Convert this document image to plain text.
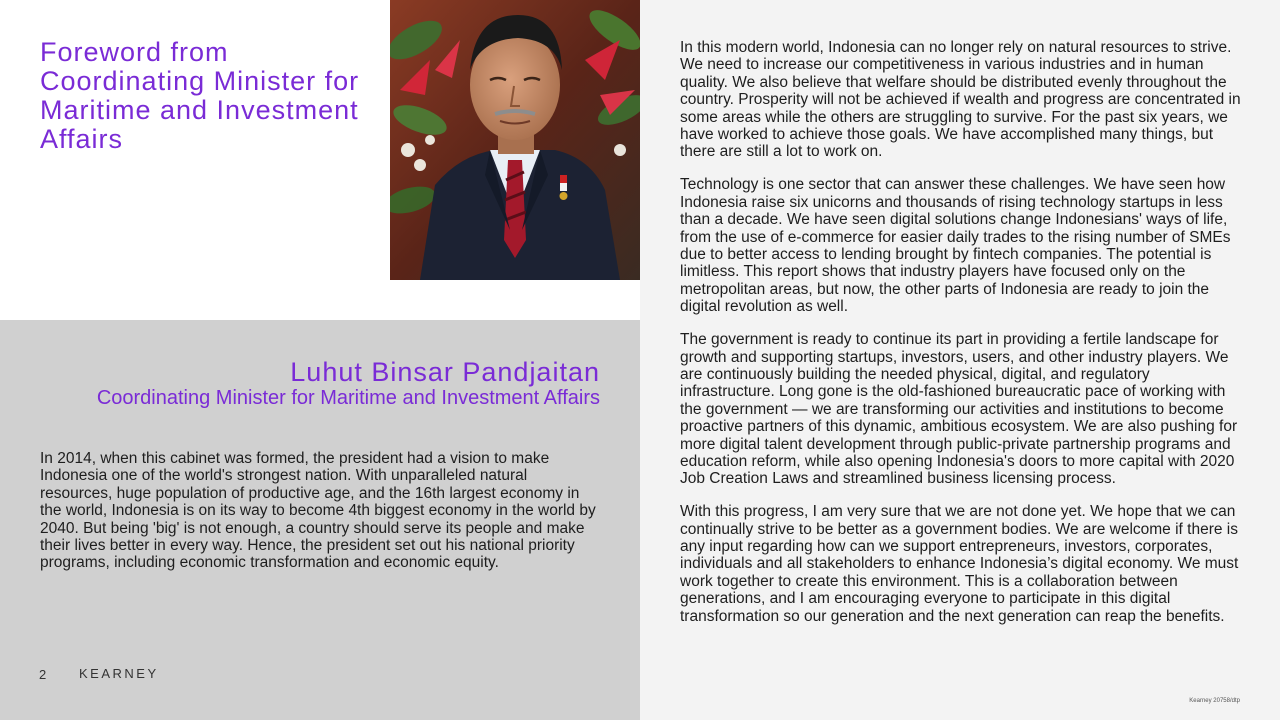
Foreword from Coordinating Minister for Maritime and Investment Affairs
Luhut Binsar Pandjaitan
Coordinating Minister for Maritime and Investment Affairs

In 2014, when this cabinet was formed, the president had a vision to make Indonesia one of the world's strongest nation. With unparalleled natural resources, huge population of productive age, and the 16th largest economy in the world, Indonesia is on its way to become 4th biggest economy in the world by 2040. But being 'big' is not enough, a country should serve its people and make their lives better in every way. Hence, the president set out his national priority programs, including economic transformation and economic equity.

2	KEARNEY

In this modern world, Indonesia can no longer rely on natural resources to strive. We need to increase our competitiveness in various industries and in human quality. We also believe that welfare should be distributed evenly throughout the country. Prosperity will not be achieved if wealth and progress are concentrated in some areas while the others are struggling to survive. For the past six years, we have worked to achieve those goals. We have accomplished many things, but there are still a lot to work on.

Technology is one sector that can answer these challenges. We have seen how Indonesia raise six unicorns and thousands of rising technology startups in less than a decade. We have seen digital solutions change Indonesians' ways of life, from the use of e-commerce for easier daily trades to the rising number of SMEs due to better access to lending brought by fintech companies. The potential is limitless. This report shows that industry players have focused only on the metropolitan areas, but now, the other parts of Indonesia are ready to join the digital revolution as well.

The government is ready to continue its part in providing a fertile landscape for growth and supporting startups, investors, users, and other industry players. We are continuously building the needed physical, digital, and regulatory infrastructure. Long gone is the old-fashioned bureaucratic pace of working with the government — we are transforming our activities and institutions to become proactive partners of this dynamic, ambitious ecosystem. We are also pushing for more digital talent development through public-private partnership programs and education reform, while also opening Indonesia's doors to more capital with 2020 Job Creation Laws and streamlined business licensing process.

With this progress, I am very sure that we are not done yet. We hope that we can continually strive to be better as a government bodies. We are welcome if there is any input regarding how can we support entrepreneurs, investors, corporates, individuals and all stakeholders to enhance Indonesia’s digital economy. We must work together to create this environment. This is a collaboration between generations, and I am encouraging everyone to participate in this digital transformation so our generation and the next generation can reap the benefits.

Kearney 20758/dtp
